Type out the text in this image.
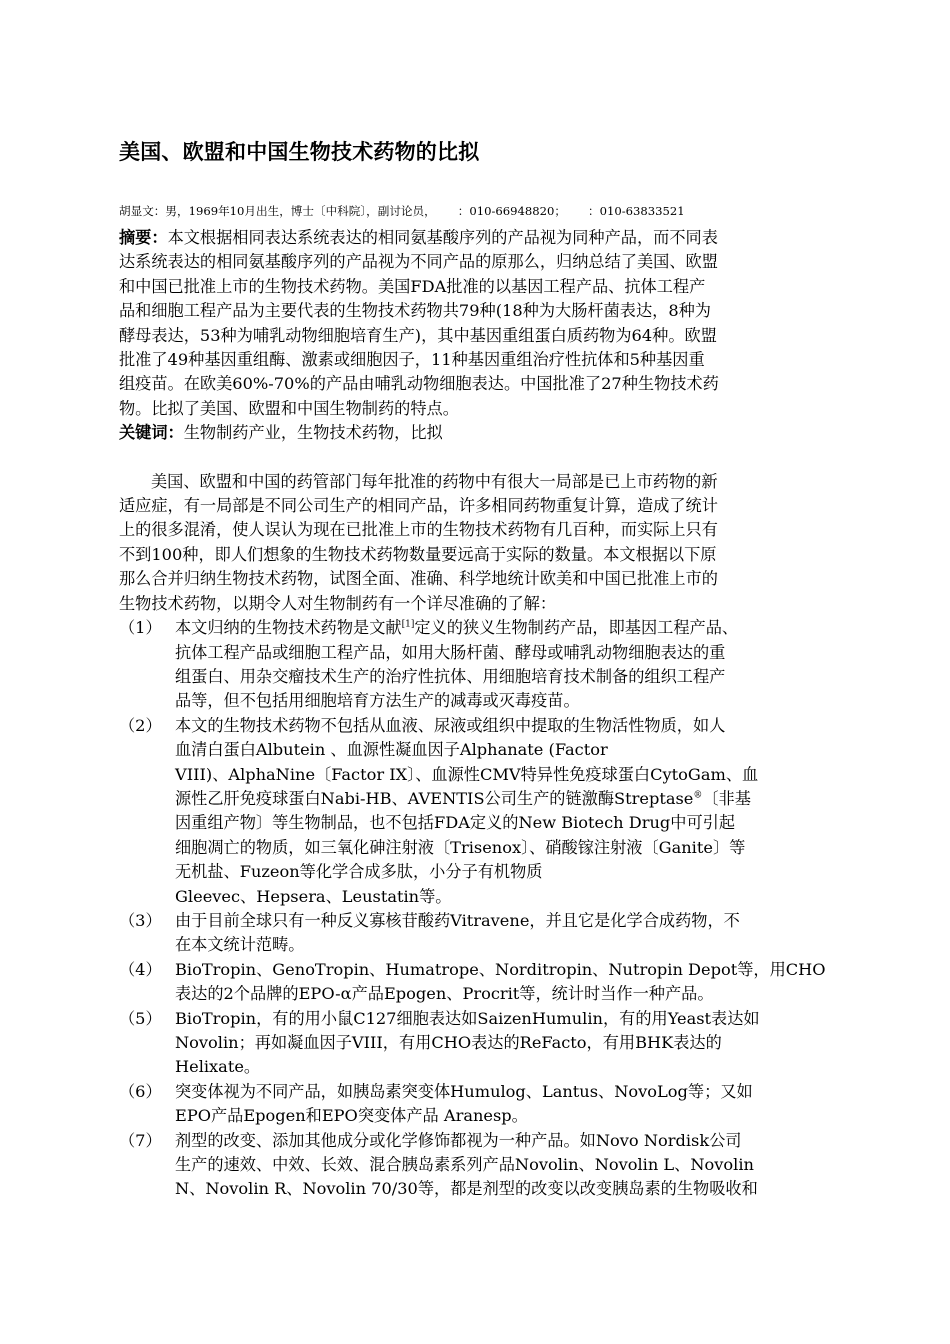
美国、欧盟和中国生物技术药物的比拟
胡显文：男，1969年10月出生，博士〔中科院〕，副讨论员， ：010-66948820； ：010-63833521
摘要：本文根据相同表达系统表达的相同氨基酸序列的产品视为同种产品，而不同表
达系统表达的相同氨基酸序列的产品视为不同产品的原那么，归纳总结了美国、欧盟
和中国已批准上市的生物技术药物。美国FDA批准的以基因工程产品、抗体工程产
品和细胞工程产品为主要代表的生物技术药物共79种(18种为大肠杆菌表达，8种为
酵母表达，53种为哺乳动物细胞培育生产)，其中基因重组蛋白质药物为64种。欧盟
批准了49种基因重组酶、激素或细胞因子，11种基因重组治疗性抗体和5种基因重
组疫苗。在欧美60%-70%的产品由哺乳动物细胞表达。中国批准了27种生物技术药
物。比拟了美国、欧盟和中国生物制药的特点。

关键词：生物制药产业，生物技术药物，比拟

美国、欧盟和中国的药管部门每年批准的药物中有很大一局部是已上市药物的新
适应症，有一局部是不同公司生产的相同产品，许多相同药物重复计算，造成了统计
上的很多混淆，使人误认为现在已批准上市的生物技术药物有几百种，而实际上只有
不到100种，即人们想象的生物技术药物数量要远高于实际的数量。本文根据以下原
那么合并归纳生物技术药物，试图全面、准确、科学地统计欧美和中国已批准上市的
生物技术药物，以期令人对生物制药有一个详尽准确的了解：
（1） 本文归纳的生物技术药物是文献[1]定义的狭义生物制药产品，即基因工程产品、
抗体工程产品或细胞工程产品，如用大肠杆菌、酵母或哺乳动物细胞表达的重
组蛋白、用杂交瘤技术生产的治疗性抗体、用细胞培育技术制备的组织工程产
品等，但不包括用细胞培育方法生产的减毒或灭毒疫苗。
（2） 本文的生物技术药物不包括从血液、尿液或组织中提取的生物活性物质，如人
血清白蛋白Albutein 、血源性凝血因子Alphanate (Factor
VIII)、AlphaNine〔Factor IX〕、血源性CMV特异性免疫球蛋白CytoGam、血
源性乙肝免疫球蛋白Nabi-HB、AVENTIS公司生产的链激酶Streptase®〔非基
因重组产物〕等生物制品，也不包括FDA定义的New Biotech Drug中可引起
细胞凋亡的物质，如三氧化砷注射液〔Trisenox〕、硝酸镓注射液〔Ganite〕等
无机盐、Fuzeon等化学合成多肽，小分子有机物质
Gleevec、Hepsera、Leustatin等。
（3） 由于目前全球只有一种反义寡核苷酸药Vitravene，并且它是化学合成药物，不
在本文统计范畴。
（4） BioTropin、GenoTropin、Humatrope、Norditropin、Nutropin Depot等，用CHO
表达的2个品牌的EPO-α产品Epogen、Procrit等，统计时当作一种产品。
（5） BioTropin，有的用小鼠C127细胞表达如SaizenHumulin，有的用Yeast表达如
Novolin；再如凝血因子VIII，有用CHO表达的ReFacto，有用BHK表达的
Helixate。
（6） 突变体视为不同产品，如胰岛素突变体Humulog、Lantus、NovoLog等；又如
EPO产品Epogen和EPO突变体产品 Aranesp。
（7） 剂型的改变、添加其他成分或化学修饰都视为一种产品。如Novo Nordisk公司
生产的速效、中效、长效、混合胰岛素系列产品Novolin、Novolin L、Novolin
N、Novolin R、Novolin 70/30等，都是剂型的改变以改变胰岛素的生物吸收和
